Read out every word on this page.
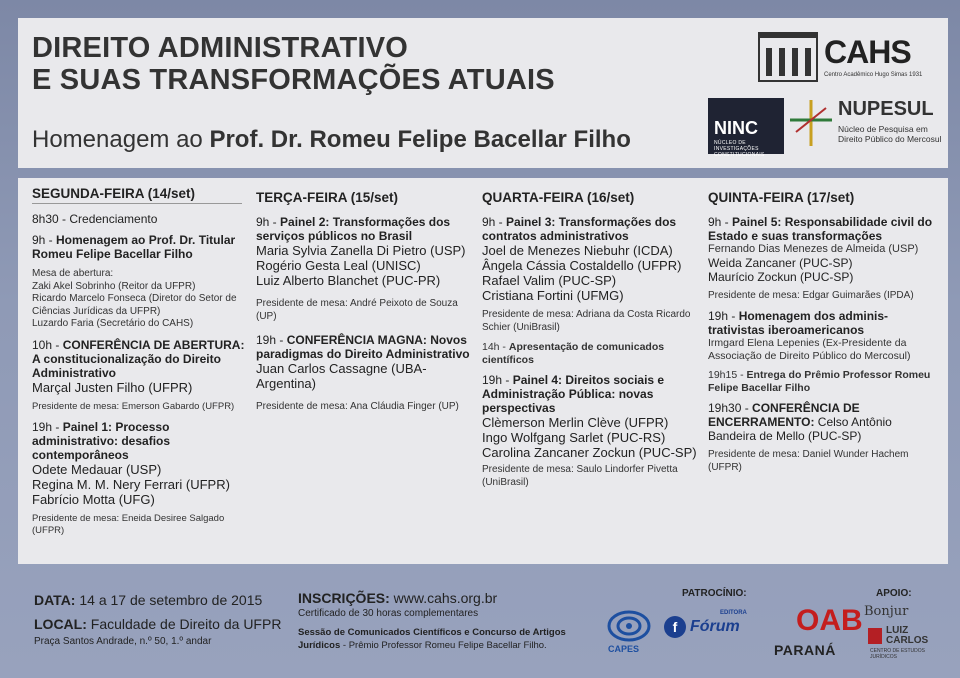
DIREITO ADMINISTRATIVO
E SUAS TRANSFORMAÇÕES ATUAIS
Homenagem ao Prof. Dr. Romeu Felipe Bacellar Filho
CAHS
Centro Acadêmico Hugo Simas 1931
NINC
NÚCLEO DE INVESTIGAÇÕES CONSTITUCIONAIS
NUPESUL
Núcleo de Pesquisa em
Direito Público do Mercosul
SEGUNDA-FEIRA (14/set)
8h30 - Credenciamento
9h - Homenagem ao Prof. Dr. Titular Romeu Felipe Bacellar Filho
Mesa de abertura:
Zaki Akel Sobrinho (Reitor da UFPR)
Ricardo Marcelo Fonseca (Diretor do Setor de Ciências Jurídicas da UFPR)
Luzardo Faria (Secretário do CAHS)
10h - CONFERÊNCIA DE ABERTURA: A constitucionalização do Direito Administrativo
Marçal Justen Filho (UFPR)
Presidente de mesa: Emerson Gabardo (UFPR)
19h - Painel 1: Processo administrativo: desafios contemporâneos
Odete Medauar (USP)
Regina M. M. Nery Ferrari (UFPR)
Fabrício Motta (UFG)
Presidente de mesa: Eneida Desiree Salgado (UFPR)
TERÇA-FEIRA (15/set)
9h - Painel 2: Transformações dos serviços públicos no Brasil
Maria Sylvia Zanella Di Pietro (USP)
Rogério Gesta Leal (UNISC)
Luiz Alberto Blanchet (PUC-PR)
Presidente de mesa: André Peixoto de Souza (UP)
19h - CONFERÊNCIA MAGNA: Novos paradigmas do Direito Administrativo
Juan Carlos Cassagne (UBA-Argentina)
Presidente de mesa: Ana Cláudia Finger (UP)
QUARTA-FEIRA (16/set)
9h - Painel 3: Transformações dos contratos administrativos
Joel de Menezes Niebuhr (ICDA)
Ângela Cássia Costaldello (UFPR)
Rafael Valim (PUC-SP)
Cristiana Fortini (UFMG)
Presidente de mesa: Adriana da Costa Ricardo Schier (UniBrasil)
14h - Apresentação de comunicados científicos
19h - Painel 4: Direitos sociais e Administração Pública: novas perspectivas
Clèmerson Merlin Clève (UFPR)
Ingo Wolfgang Sarlet (PUC-RS)
Carolina Zancaner Zockun (PUC-SP)
Presidente de mesa: Saulo Lindorfer Pivetta (UniBrasil)
QUINTA-FEIRA (17/set)
9h - Painel 5: Responsabilidade civil do Estado e suas transformações
Fernando Dias Menezes de Almeida (USP)
Weida Zancaner (PUC-SP)
Maurício Zockun (PUC-SP)
Presidente de mesa: Edgar Guimarães (IPDA)
19h - Homenagem dos adminis-trativistas iberoamericanos
Irmgard Elena Lepenies (Ex-Presidente da Associação de Direito Público do Mercosul)
19h15 - Entrega do Prêmio Professor Romeu Felipe Bacellar Filho
19h30 - CONFERÊNCIA DE ENCERRAMENTO: Celso Antônio Bandeira de Mello (PUC-SP)
Presidente de mesa: Daniel Wunder Hachem (UFPR)
DATA: 14 a 17 de setembro de 2015
LOCAL: Faculdade de Direito da UFPR
Praça Santos Andrade, n.º 50, 1.º andar
INSCRIÇÕES: www.cahs.org.br
Certificado de 30 horas complementares
Sessão de Comunicados Científicos e Concurso de Artigos Jurídicos - Prêmio Professor Romeu Felipe Bacellar Filho.
PATROCÍNIO:	APOIO:
CAPES
f
EDITORA
Fórum OAB
PARANÁ
Bonjur
LUIZ CARLOS
CENTRO DE ESTUDOS JURÍDICOS
